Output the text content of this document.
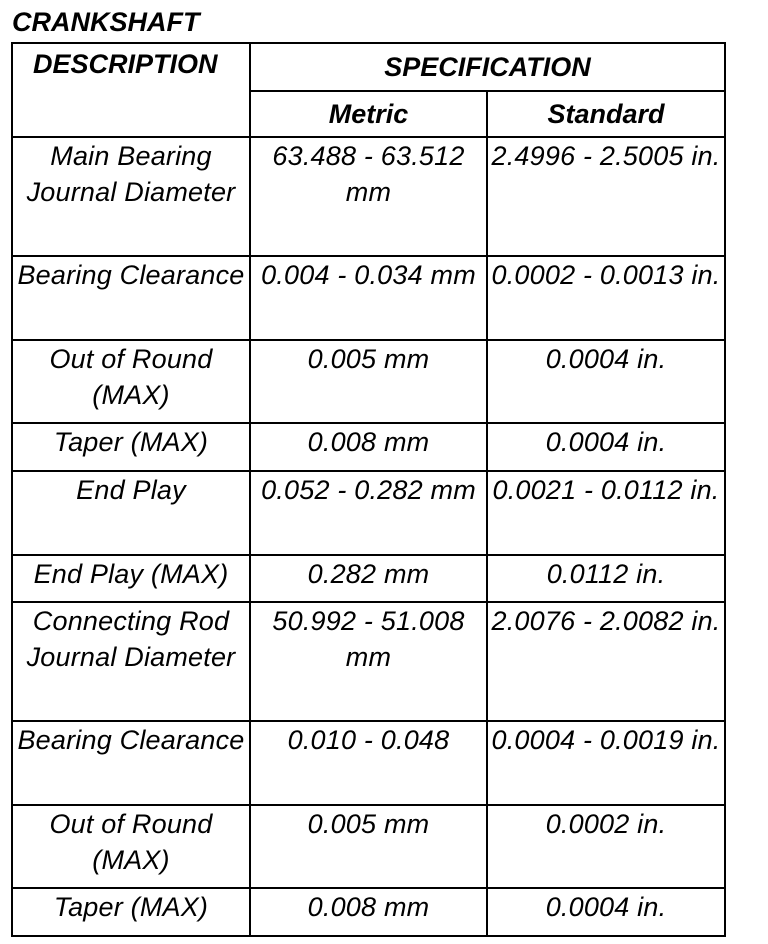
CRANKSHAFT
DESCRIPTION	SPECIFICATION	
	Metric	Standard
Main Bearing Journal Diameter	63.488 - 63.512 mm	2.4996 - 2.5005 in.
Bearing Clearance	0.004 - 0.034 mm	0.0002 - 0.0013 in.
Out of Round (MAX)	0.005 mm	0.0004 in.
Taper (MAX)	0.008 mm	0.0004 in.
End Play	0.052 - 0.282 mm	0.0021 - 0.0112 in.
End Play (MAX)	0.282 mm	0.0112 in.
Connecting Rod Journal Diameter	50.992 - 51.008 mm	2.0076 - 2.0082 in.
Bearing Clearance	0.010 - 0.048	0.0004 - 0.0019 in.
Out of Round (MAX)	0.005 mm	0.0002 in.
Taper (MAX)	0.008 mm	0.0004 in.
